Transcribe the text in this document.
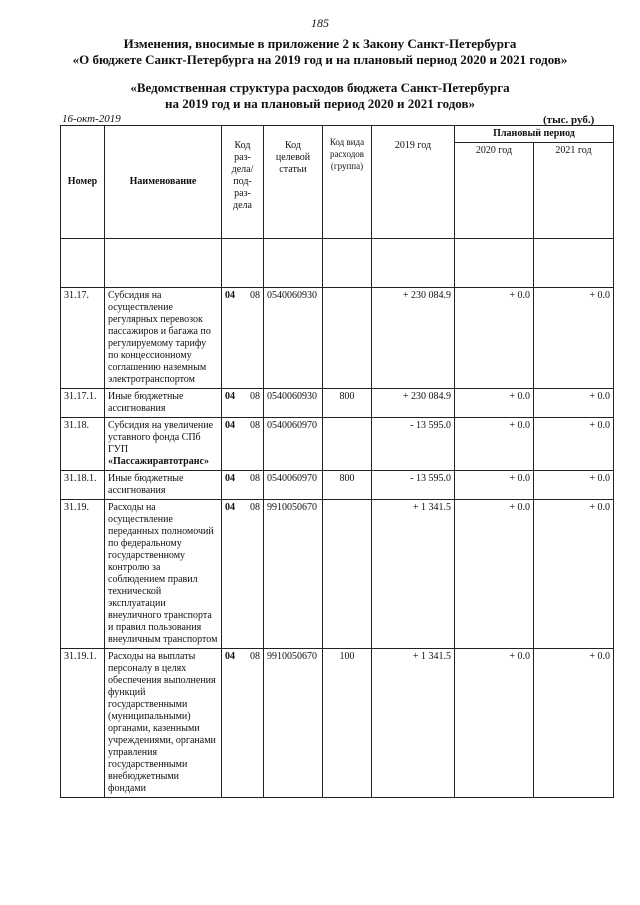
185
Изменения, вносимые в приложение 2 к Закону Санкт-Петербурга
«О бюджете Санкт-Петербурга на 2019 год и на плановый период 2020 и 2021 годов»
«Ведомственная структура расходов бюджета Санкт-Петербурга
на 2019 год и на плановый период 2020 и 2021 годов»
16-окт-2019	(тыс. руб.)
Номер	Наименование	Код раз-дела/ под-раз-дела	Код целевой статьи	Код вида расходов (группа)	2019 год	Плановый период	
						2020 год	2021 год

31.17.	Субсидия на осуществление регулярных перевозок пассажиров и багажа по регулируемому тарифу по концессионному соглашению наземным электротранспортом	04 08	0540060930		+ 230 084.9	+ 0.0	+ 0.0
31.17.1.	Иные бюджетные ассигнования	04 08	0540060930	800	+ 230 084.9	+ 0.0	+ 0.0
31.18.	Субсидия на увеличение уставного фонда СПб ГУП «Пассажиравтотранс»	04 08	0540060970		- 13 595.0	+ 0.0	+ 0.0
31.18.1.	Иные бюджетные ассигнования	04 08	0540060970	800	- 13 595.0	+ 0.0	+ 0.0
31.19.	Расходы на осуществление переданных полномочий по федеральному государственному контролю за соблюдением правил технической эксплуатации внеуличного транспорта и правил пользования внеуличным транспортом	04 08	9910050670		+ 1 341.5	+ 0.0	+ 0.0
31.19.1.	Расходы на выплаты персоналу в целях обеспечения выполнения функций государственными (муниципальными) органами, казенными учреждениями, органами управления государственными внебюджетными фондами	04 08	9910050670	100	+ 1 341.5	+ 0.0	+ 0.0
